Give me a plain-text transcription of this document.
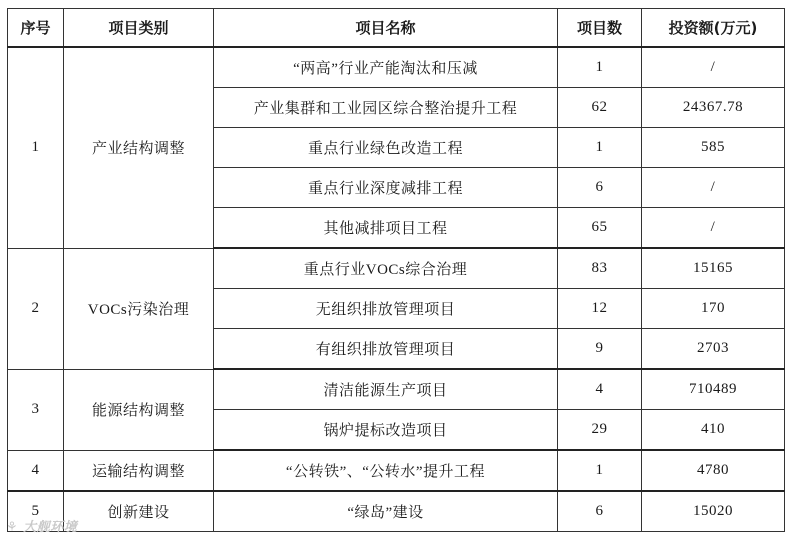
序号	项目类别	项目名称	项目数	投资额(万元)
1	产业结构调整	“两高”行业产能淘汰和压减	1	/
		产业集群和工业园区综合整治提升工程	62	24367.78
		重点行业绿色改造工程	1	585
		重点行业深度减排工程	6	/
		其他减排项目工程	65	/
2	VOCs污染治理	重点行业VOCs综合治理	83	15165
		无组织排放管理项目	12	170
		有组织排放管理项目	9	2703
3	能源结构调整	清洁能源生产项目	4	710489
		锅炉提标改造项目	29	410
4	运输结构调整	“公转铁”、“公转水”提升工程	1	4780
5	创新建设	“绿岛”建设	6	15020
⚘ 大舰环境
